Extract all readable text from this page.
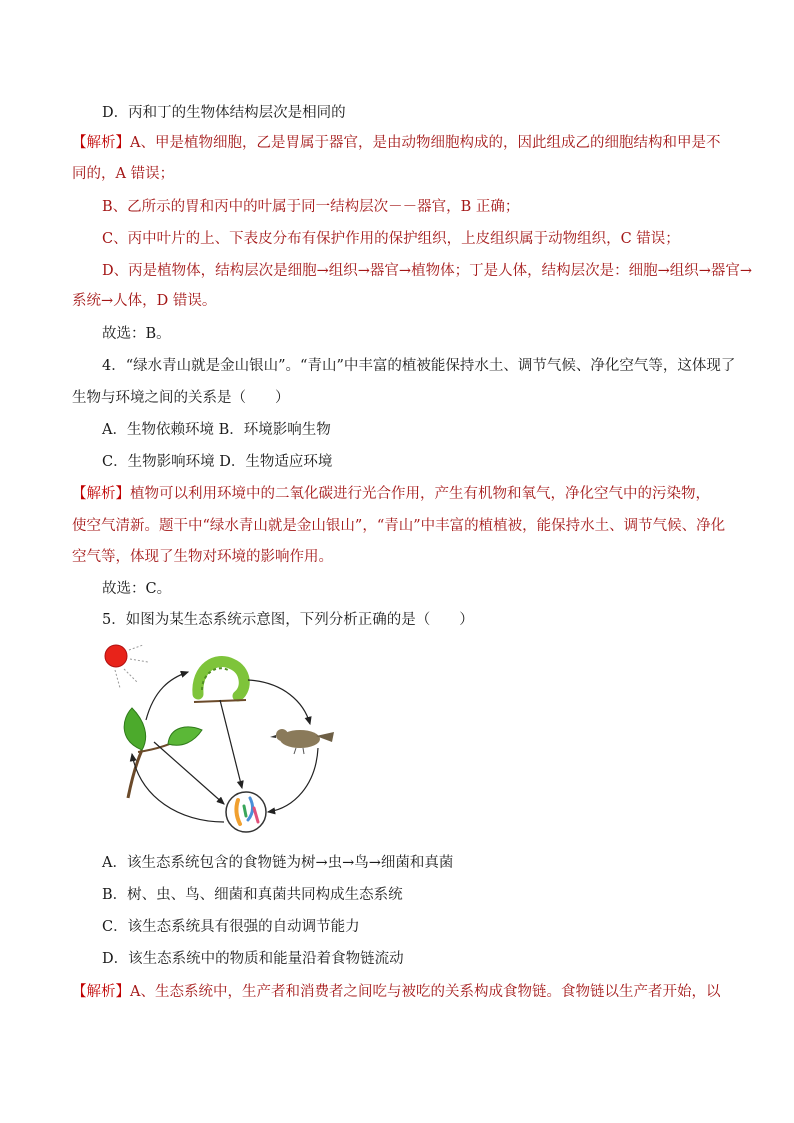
D．丙和丁的生物体结构层次是相同的
【解析】A、甲是植物细胞，乙是胃属于器官，是由动物细胞构成的，因此组成乙的细胞结构和甲是不
同的，A 错误；
B、乙所示的胃和丙中的叶属于同一结构层次－－器官，B 正确；
C、丙中叶片的上、下表皮分布有保护作用的保护组织，上皮组织属于动物组织，C 错误；
D、丙是植物体，结构层次是细胞→组织→器官→植物体；丁是人体，结构层次是：细胞→组织→器官→
系统→人体，D 错误。
故选：B。
4．“绿水青山就是金山银山”。“青山”中丰富的植被能保持水土、调节气候、净化空气等，这体现了
生物与环境之间的关系是（　　）
A．生物依赖环境 B．环境影响生物
C．生物影响环境 D．生物适应环境
【解析】植物可以利用环境中的二氧化碳进行光合作用，产生有机物和氧气，净化空气中的污染物，
使空气清新。题干中“绿水青山就是金山银山”，“青山”中丰富的植植被，能保持水土、调节气候、净化
空气等，体现了生物对环境的影响作用。
故选：C。
5．如图为某生态系统示意图，下列分析正确的是（　　）
A．该生态系统包含的食物链为树→虫→鸟→细菌和真菌
B．树、虫、鸟、细菌和真菌共同构成生态系统
C．该生态系统具有很强的自动调节能力
D．该生态系统中的物质和能量沿着食物链流动
【解析】A、生态系统中，生产者和消费者之间吃与被吃的关系构成食物链。食物链以生产者开始，以
